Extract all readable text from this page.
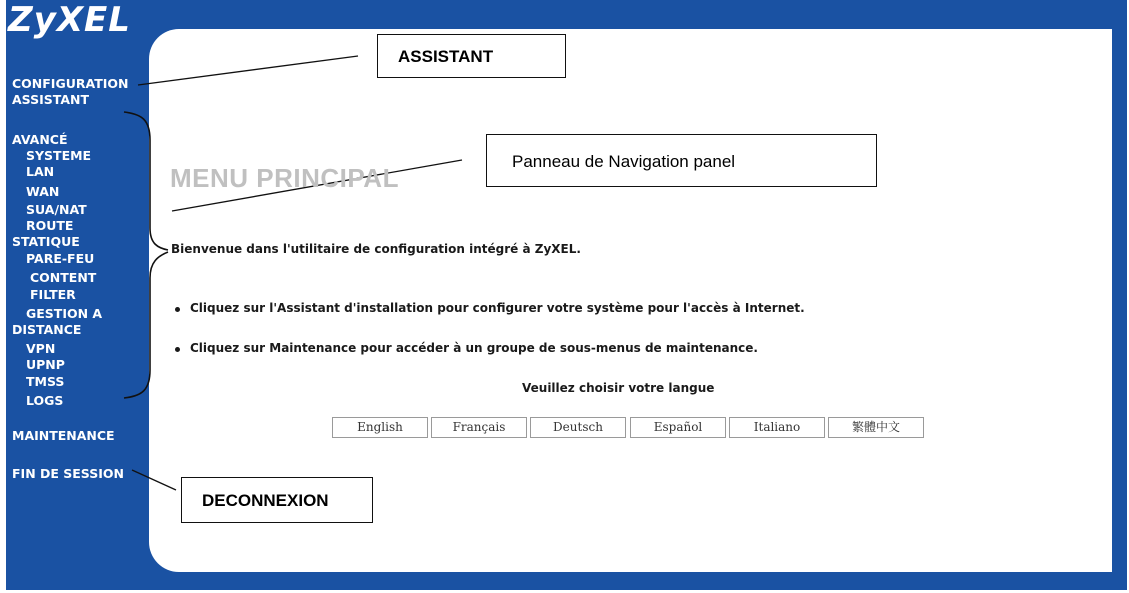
ZyXEL
CONFIGURATION
ASSISTANT
AVANCÉ
SYSTEME
LAN
WAN
SUA/NAT
ROUTE
STATIQUE
PARE-FEU
CONTENT
FILTER
GESTION A
DISTANCE
VPN
UPNP
TMSS
LOGS
MAINTENANCE
FIN DE SESSION
ASSISTANT
Panneau de Navigation panel
DECONNEXION
MENU PRINCIPAL
Bienvenue dans l'utilitaire de configuration intégré à ZyXEL.
Cliquez sur l'Assistant d'installation pour configurer votre système pour l'accès à Internet.
Cliquez sur Maintenance pour accéder à un groupe de sous-menus de maintenance.
Veuillez choisir votre langue
English	Français	Deutsch	Español	Italiano	繁體中文
